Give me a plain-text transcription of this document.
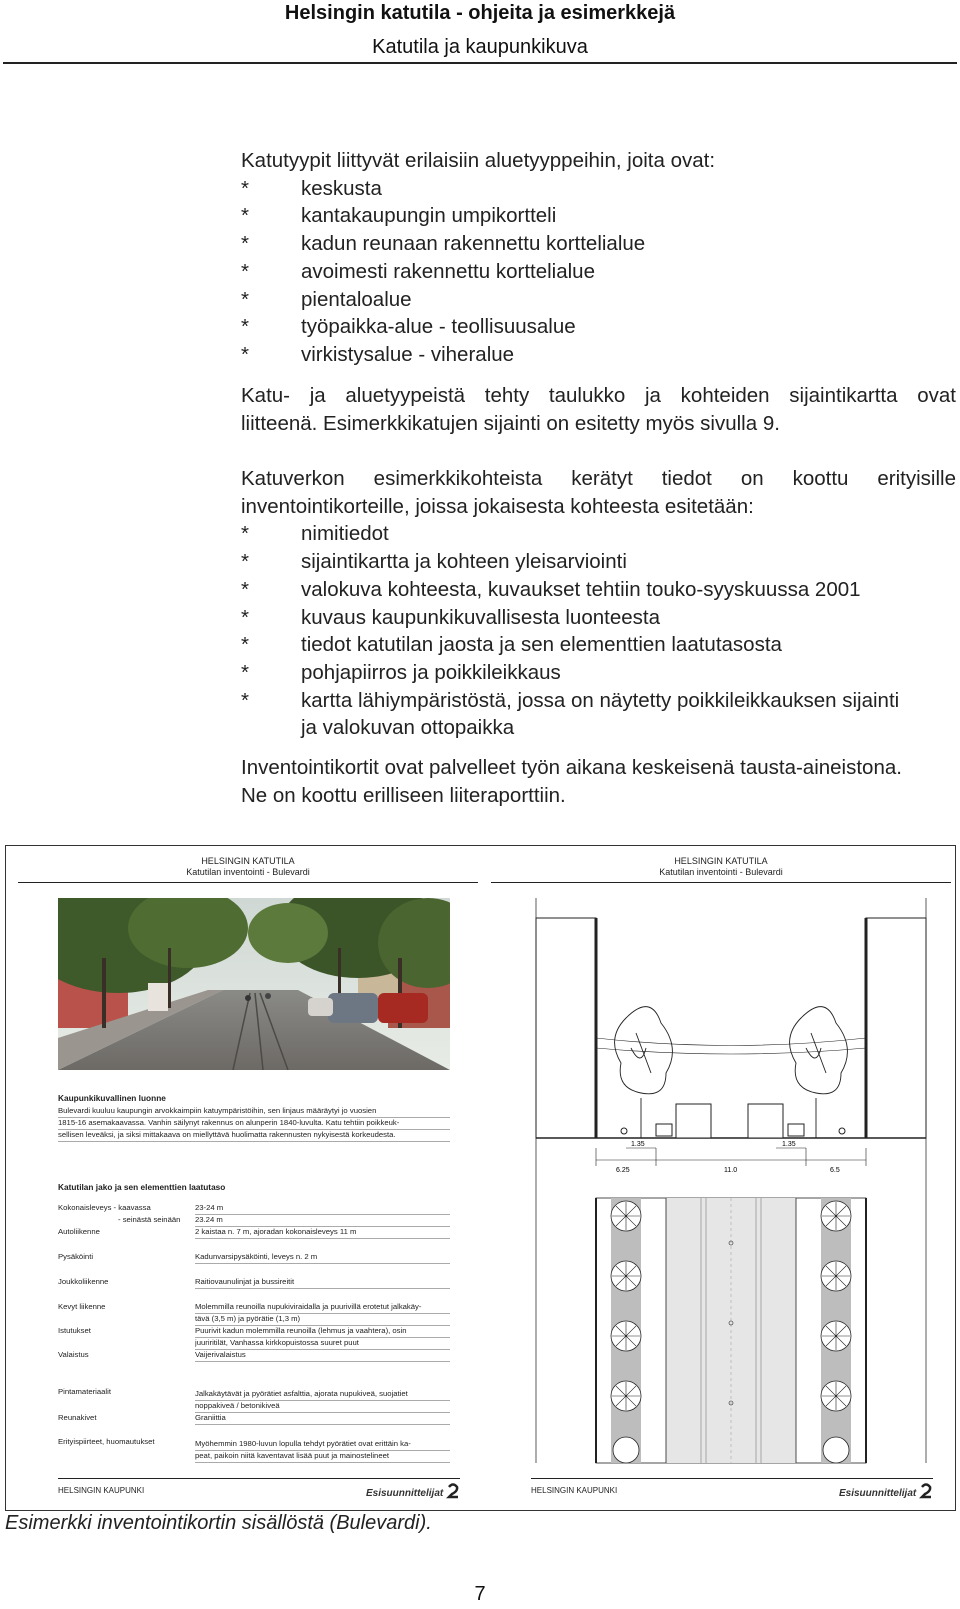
Helsingin katutila - ohjeita ja esimerkkejä
Katutila ja kaupunkikuva

Katutyypit liittyvät erilaisiin aluetyyppeihin, joita ovat:

* keskusta
* kantakaupungin umpikortteli
* kadun reunaan rakennettu korttelialue
* avoimesti rakennettu korttelialue
* pientaloalue
* työpaikka-alue - teollisuusalue
* virkistysalue - viheralue

Katu- ja aluetyypeistä tehty taulukko ja kohteiden sijaintikartta ovat

liitteenä. Esimerkkikatujen sijainti on esitetty myös sivulla 9.

Katuverkon esimerkkikohteista kerätyt tiedot on koottu erityisille

inventointikorteille, joissa jokaisesta kohteesta esitetään:

* nimitiedot
* sijaintikartta ja kohteen yleisarviointi
* valokuva kohteesta, kuvaukset tehtiin touko-syyskuussa 2001
* kuvaus kaupunkikuvallisesta luonteesta
* tiedot katutilan jaosta ja sen elementtien laatutasosta
* pohjapiirros ja poikkileikkaus
* kartta lähiympäristöstä, jossa on näytetty poikkileikkauksen sijainti
ja valokuvan ottopaikka

Inventointikortit ovat palvelleet työn aikana keskeisenä tausta-aineistona.

Ne on koottu erilliseen liiteraporttiin.

HELSINGIN KATUTILA
Katutilan inventointi - Bulevardi
Kaupunkikuvallinen luonne
Bulevardi kuuluu kaupungin arvokkaimpiin katuympäristöihin, sen linjaus määräytyi jo vuosien
1815-16 asemakaavassa. Vanhin säilynyt rakennus on alunperin 1840-luvulta. Katu tehtiin poikkeuk-
sellisen leveäksi, ja siksi mittakaava on miellyttävä huolimatta rakennusten nykyisestä korkeudesta.
Katutilan jako ja sen elementtien laatutaso
Kokonaisleveys - kaavassa	23-24 m
- seinästä seinään 23.24 m
Autoliikenne	2 kaistaa n. 7 m, ajoradan kokonaisleveys 11 m
Pysäköinti	Kadunvarsipysäköinti, leveys n. 2 m
Joukkoliikenne	Raitiovaunulinjat ja bussireitit
Kevyt liikenne	Molemmilla reunoilla nupukiviraidalla ja puurivillä erotetut jalkakäy-
tävä (3,5 m) ja pyörätie (1,3 m)
Istutukset	Puurivit kadun molemmilla reunoilla (lehmus ja vaahtera), osin
juuriritilät, Vanhassa kirkkopuistossa suuret puut
Valaistus	Vaijerivalaistus
Pintamateriaalit	Jalkakäytävät ja pyörätiet asfalttia, ajorata nupukiveä, suojatiet
noppakiveä / betonikiveä
Reunakivet	Graniittia
Erityispiirteet, huomautukset	Myöhemmin 1980-luvun lopulla tehdyt pyörätiet ovat erittäin ka-
peat, paikoin niitä kaventavat lisää puut ja mainostelineet
HELSINGIN KAUPUNKI	Esisuunnittelijat
HELSINGIN KATUTILA
Katutilan inventointi - Bulevardi
1.35	1.35
6.25	11.0	6.5
HELSINGIN KAUPUNKI	Esisuunnittelijat
Esimerkki inventointikortin sisällöstä (Bulevardi).
7
